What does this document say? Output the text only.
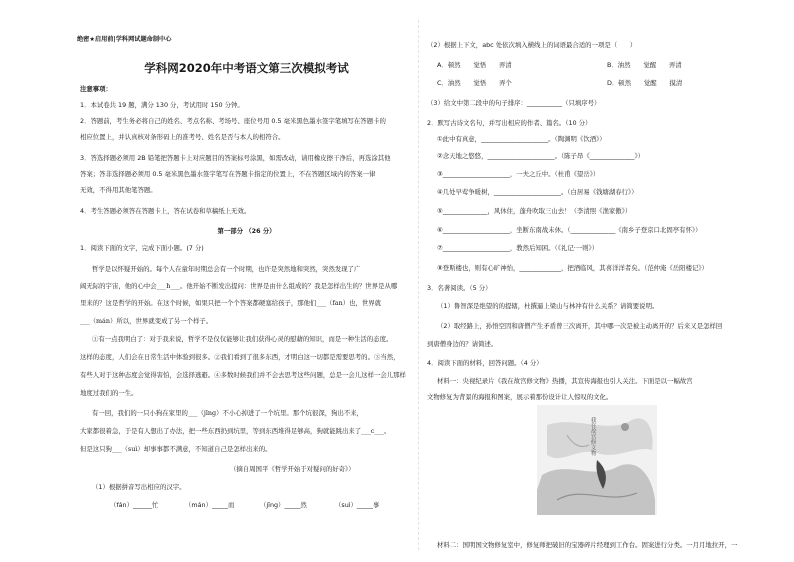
绝密★启用前|学科网试题命制中心
学科网2020年中考语文第三次模拟考试
注意事项：
1．本试卷共 19 题，满分 130 分，考试用时 150 分钟。
2．答题前，考生务必将自己的姓名、考点名称、考场号、座位号用 0.5 毫米黑色墨水签字笔填写在答题卡的
相应位置上，并认真核对条形码上的准考号、姓名是否与本人的相符合。
3．答选择题必须用 2B 铅笔把答题卡上对应题目的答案标号涂黑，如需改动，请用橡皮擦干净后，再选涂其他
答案；答非选择题必须用 0.5 毫米黑色墨水签字笔写在答题卡指定的位置上，不在答题区域内的答案一律
无效，不得用其他笔答题。
4．考生答题必须答在答题卡上，答在试卷和草稿纸上无效。
第一部分 （26 分）
1．阅读下面的文字，完成下面小题。(7 分)
哲学是以怀疑开始的。每个人在童年时期总会有一个时期，也许是突然地和突然，突然发现了广
阔无际的宇宙，他的心中会___h___。他开始不断发出提问：世界是由什么组成的？我是怎样出生的？世界是从哪
里来的？这是哲学的开始。在这个时候，如果只把一个个答案都硬塞给孩子，那他们___（fan）也，世界就
___（mán）所以，世界就变成了另一个样子。
①有一点我明白了：对于我来说，哲学不是仅仅能够让我们获得心灵的慰藉的知识，而是一种生活的态度。
这样的态度，人们会在日常生活中体验到很多。②我们看到了很多东西，才明白这一切都是需要思考的。③当然，
有些人对于这种态度会觉得害怕，会选择逃避。④多数时候我们并不会去思考这些问题，总是一会儿这样一会儿那样
地度过我们的一生。
有一回，我们的一只小狗在家里的___（jīng）不小心掉进了一个坑里。那个坑很深，狗出不来，
大家都很着急，于是有人想出了办法，把一些东西扔到坑里，等到东西堆得足够高，狗就能跳出来了___c___。
但是这只狗___（suì）却事事都不满意，不知道自己是怎样出来的。
（摘自周国平《哲学开始于对疑问的好奇》）
（1）根据拼音写出相应的汉字。
（fán）______忙	（mán）_____而	（jīng）_____然	（suì）_____事
（2）根据上下文，abc 处依次填入横线上的词语最合适的一项是（　　）
A．顿然　　觉悟　　弄清	B．油然　　觉醒　　弄清
C．油然　　觉悟　　弄个	D．顿然　　觉醒　　摸清
（3）给文中第二段中的句子排序：___________（只填序号）
2．默写古诗文名句，并写出相应的作者、篇名。（10 分）
①此中有真意，_____________________。（陶渊明《饮酒》）
②念天地之悠悠，_____________________。（陈子昂《______________》）
③_____________________，一夫之丘中。（杜甫《望岳》）
④几处早莺争暖树，_____________________。（白居易《钱塘湖春行》）
⑤______________，风休住，蓬舟吹取三山去！（李清照《渔家傲》）
⑥_____________________，坐断东南战未休。（______________《南乡子登京口北固亭有怀》）
⑦_____________________，教然后知困。（《礼记·一则》）
⑧登斯楼也，则有心旷神怡，_____________，把酒临风，其喜洋洋者矣。（范仲淹《岳阳楼记》）
3．名著阅读。（5 分）
（1）鲁智深是绝望的的提辖，杜撰逼上梁山与林冲有什么关系？请简要说明。
（2）取经路上，孙悟空因和唐僧产生矛盾曾三次离开，其中哪一次是被主动离开的？后来又是怎样回
到唐僧身边的？请简述。
4．阅读下面的材料，回答问题。（4 分）
材料一：央视纪录片《我在故宫修文物》热播，其宣传海报也引人关注。下面是以一幅故宫
文物修复为背景的海报和图案，展示着那份设计让人惊叹的文化。
我在故宫修文物
材料二：国明国文物修复室中，修复师把破旧的宝器碎片经理到工作台。固案进行分类。一月月地拉开，一
